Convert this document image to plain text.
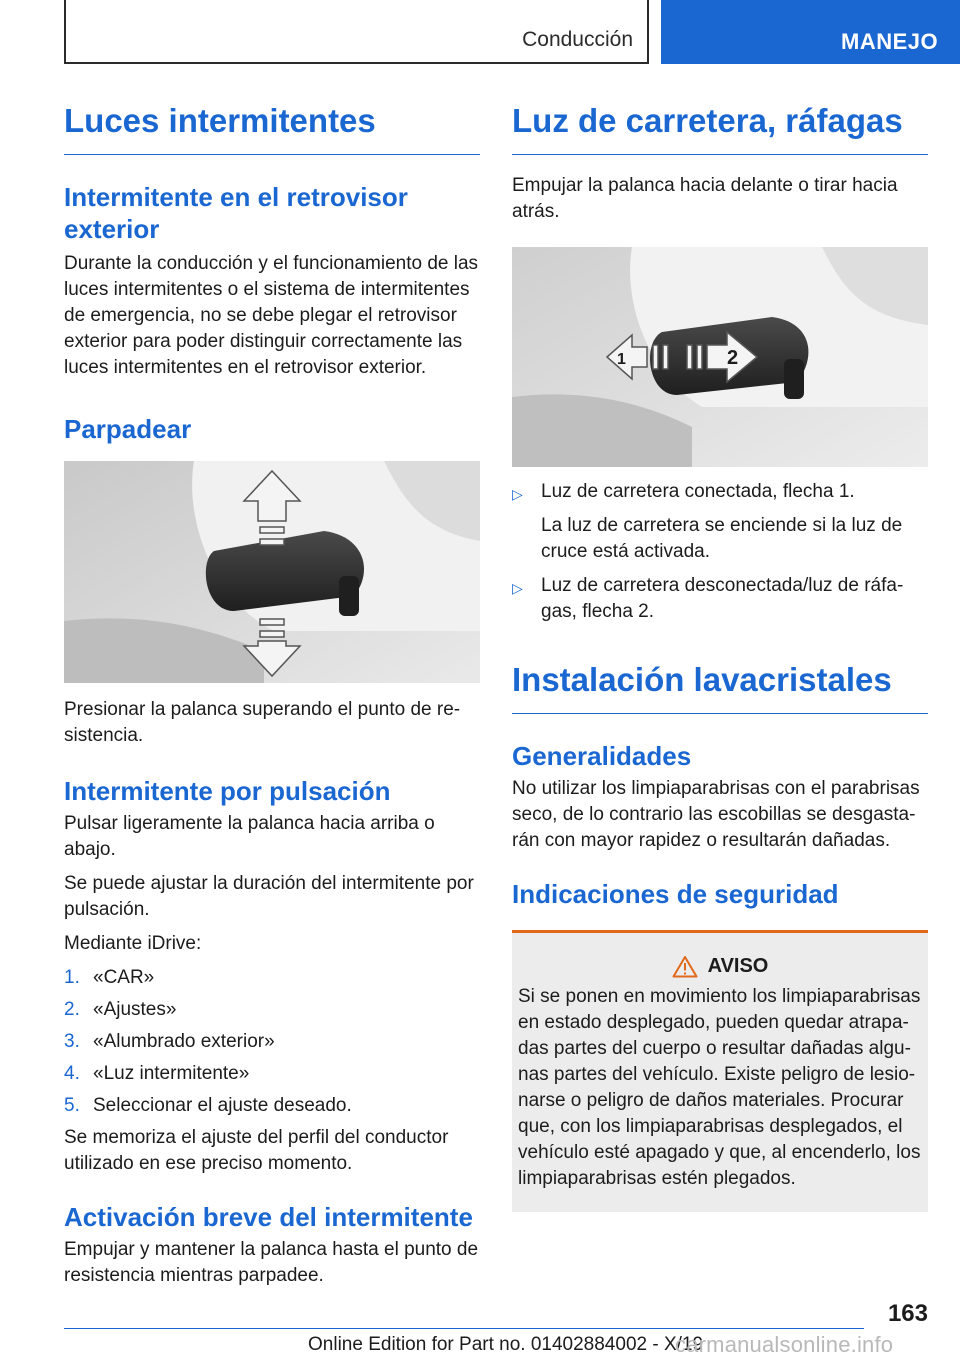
Conducción	MANEJO
Luces intermitentes
Intermitente en el retrovisor exterior

Durante la conducción y el funcionamiento de las luces intermitentes o el sistema de intermitentes de emergencia, no se debe plegar el retrovisor exterior para poder distinguir correctamente las luces intermitentes en el retrovisor exterior.

Parpadear

Presionar la palanca superando el punto de re‐ sistencia.

Intermitente por pulsación

Pulsar ligeramente la palanca hacia arriba o abajo.

Se puede ajustar la duración del intermitente por pulsación.

Mediante iDrive:

1. «CAR»
2. «Ajustes»
3. «Alumbrado exterior»
4. «Luz intermitente»
5. Seleccionar el ajuste deseado.

Se memoriza el ajuste del perfil del conductor utilizado en ese preciso momento.

Activación breve del intermitente

Empujar y mantener la palanca hasta el punto de resistencia mientras parpadee.

Luz de carretera, ráfagas

Empujar la palanca hacia delante o tirar hacia atrás.

1	2
▷ Luz de carretera conectada, flecha 1.
La luz de carretera se enciende si la luz de cruce está activada.
▷ Luz de carretera desconectada/luz de ráfa‐ gas, flecha 2.
Instalación lavacristales
Generalidades

No utilizar los limpiaparabrisas con el parabrisas seco, de lo contrario las escobillas se desgasta‐ rán con mayor rapidez o resultarán dañadas.

Indicaciones de seguridad
AVISO

Si se ponen en movimiento los limpiaparabrisas en estado desplegado, pueden quedar atrapa‐ das partes del cuerpo o resultar dañadas algu‐ nas partes del vehículo. Existe peligro de lesio‐ narse o peligro de daños materiales. Procurar que, con los limpiaparabrisas desplegados, el vehículo esté apagado y que, al encenderlo, los limpiaparabrisas estén plegados.

163
Online Edition for Part no. 01402884002 - X/19
carmanualsonline.info
